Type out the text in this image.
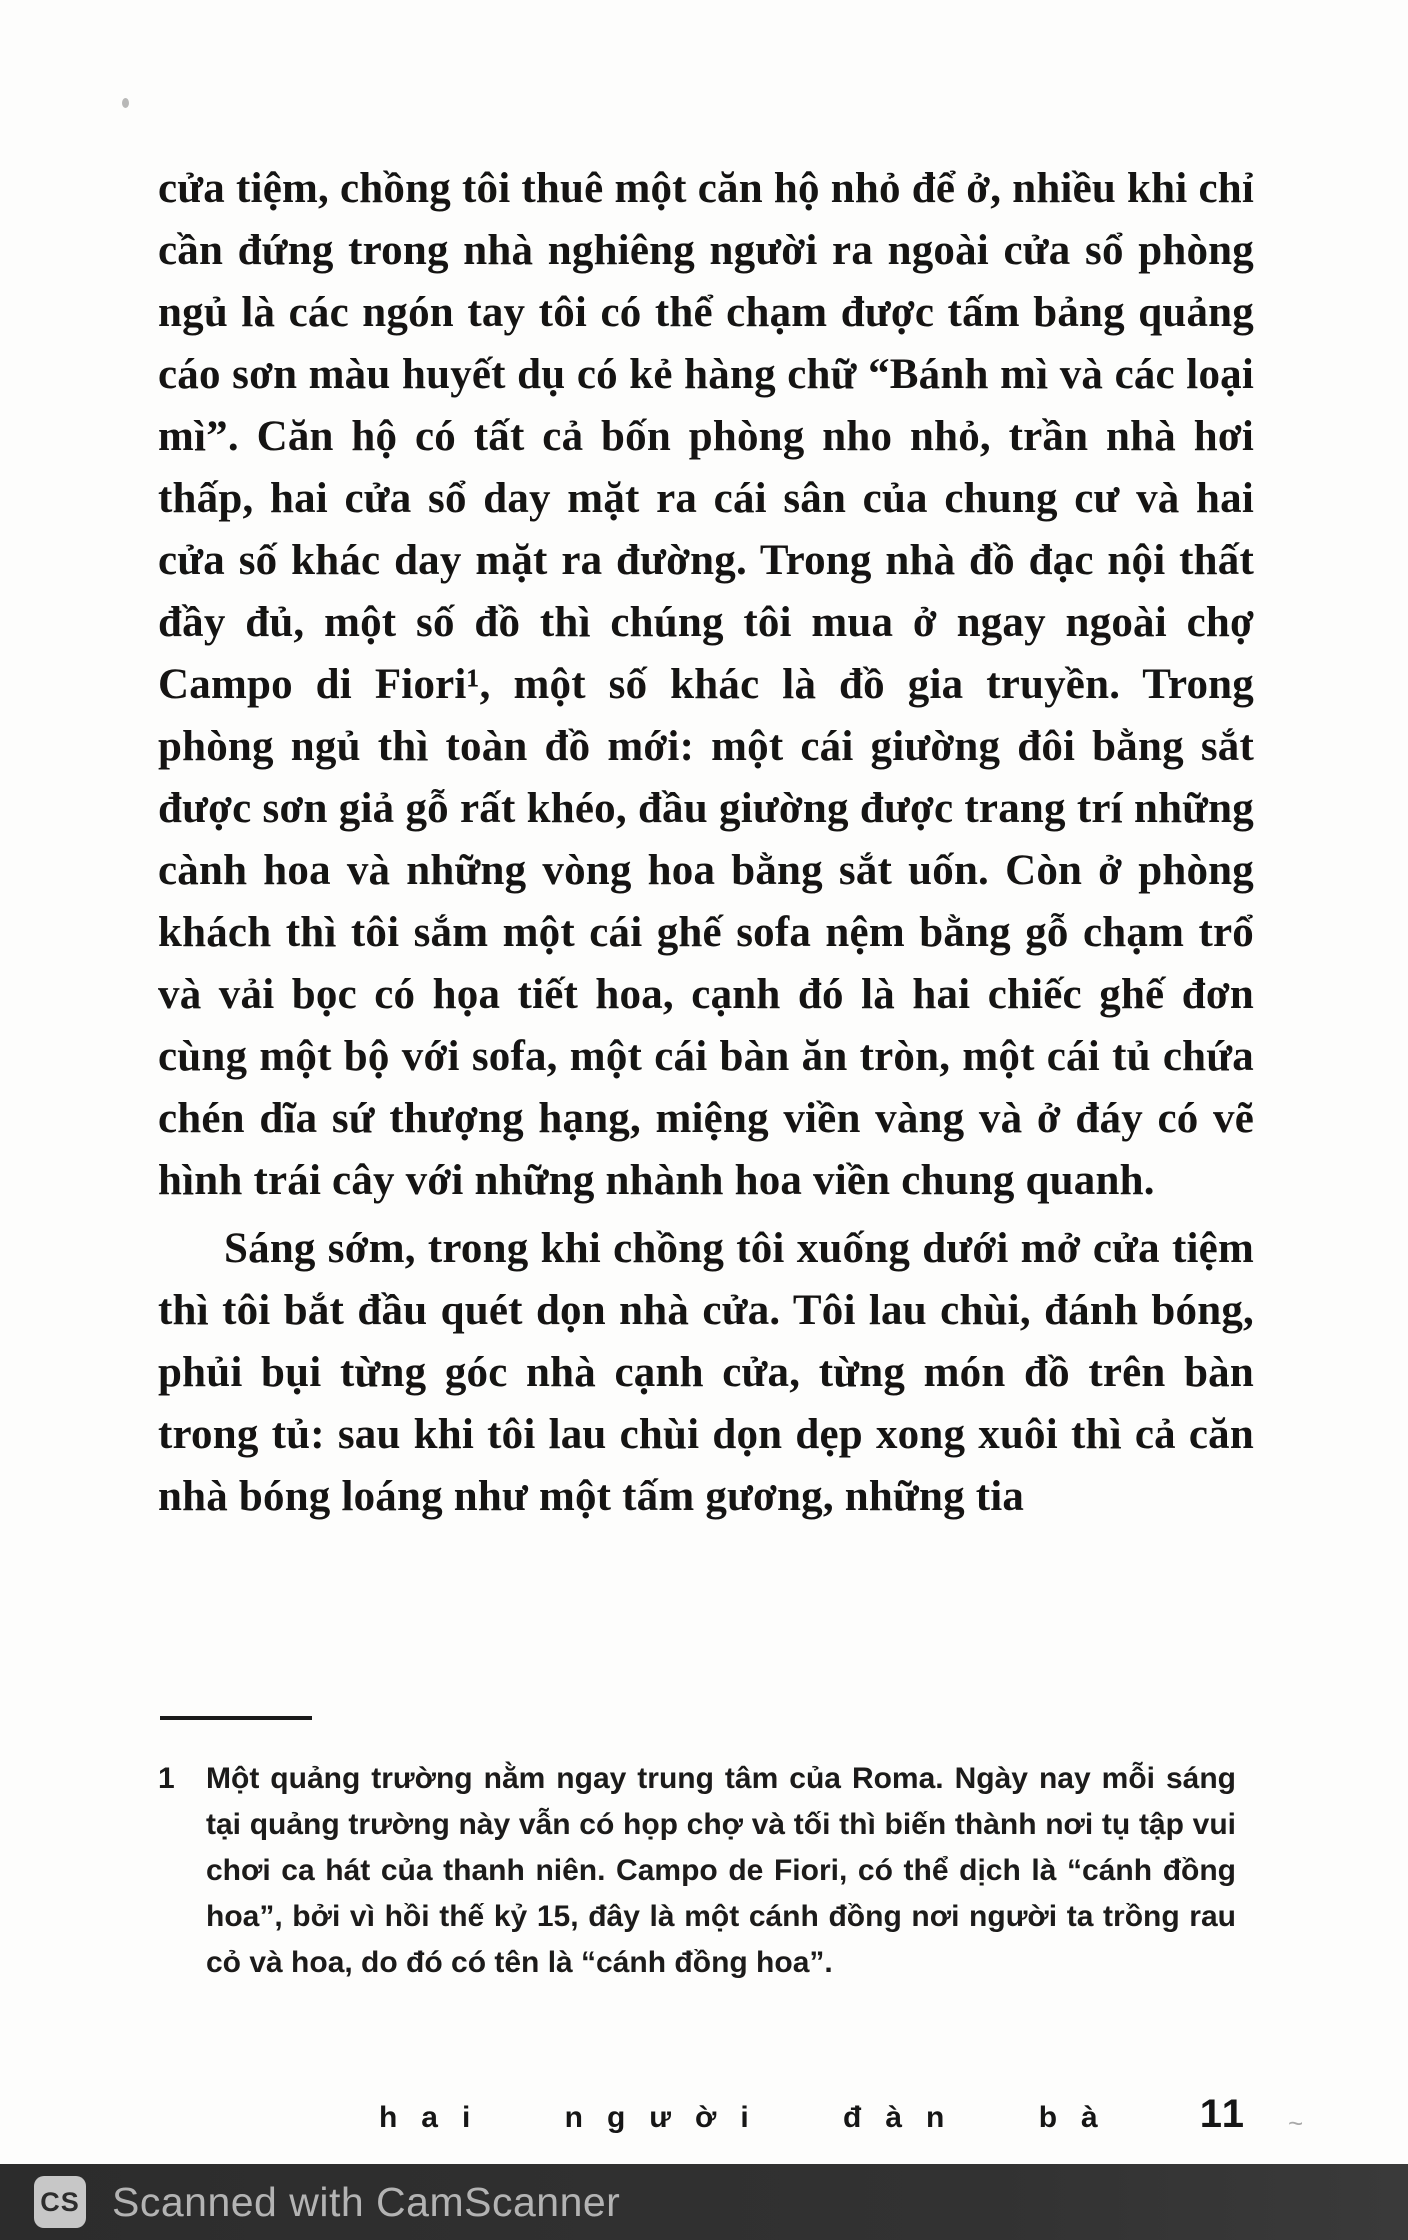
cửa tiệm, chồng tôi thuê một căn hộ nhỏ để ở, nhiều khi chỉ cần đứng trong nhà nghiêng người ra ngoài cửa sổ phòng ngủ là các ngón tay tôi có thể chạm được tấm bảng quảng cáo sơn màu huyết dụ có kẻ hàng chữ “Bánh mì và các loại mì”. Căn hộ có tất cả bốn phòng nho nhỏ, trần nhà hơi thấp, hai cửa sổ day mặt ra cái sân của chung cư và hai cửa số khác day mặt ra đường. Trong nhà đồ đạc nội thất đầy đủ, một số đồ thì chúng tôi mua ở ngay ngoài chợ Campo di Fiori¹, một số khác là đồ gia truyền. Trong phòng ngủ thì toàn đồ mới: một cái giường đôi bằng sắt được sơn giả gỗ rất khéo, đầu giường được trang trí những cành hoa và những vòng hoa bằng sắt uốn. Còn ở phòng khách thì tôi sắm một cái ghế sofa nệm bằng gỗ chạm trổ và vải bọc có họa tiết hoa, cạnh đó là hai chiếc ghế đơn cùng một bộ với sofa, một cái bàn ăn tròn, một cái tủ chứa chén dĩa sứ thượng hạng, miệng viền vàng và ở đáy có vẽ hình trái cây với những nhành hoa viền chung quanh.

Sáng sớm, trong khi chồng tôi xuống dưới mở cửa tiệm thì tôi bắt đầu quét dọn nhà cửa. Tôi lau chùi, đánh bóng, phủi bụi từng góc nhà cạnh cửa, từng món đồ trên bàn trong tủ: sau khi tôi lau chùi dọn dẹp xong xuôi thì cả căn nhà bóng loáng như một tấm gương, những tia

1	Một quảng trường nằm ngay trung tâm của Roma. Ngày nay mỗi sáng tại quảng trường này vẫn có họp chợ và tối thì biến thành nơi tụ tập vui chơi ca hát của thanh niên. Campo de Fiori, có thể dịch là “cánh đồng hoa”, bởi vì hồi thế kỷ 15, đây là một cánh đồng nơi người ta trồng rau cỏ và hoa, do đó có tên là “cánh đồng hoa”.

hai người đàn bà 11 ~
CS Scanned with CamScanner
